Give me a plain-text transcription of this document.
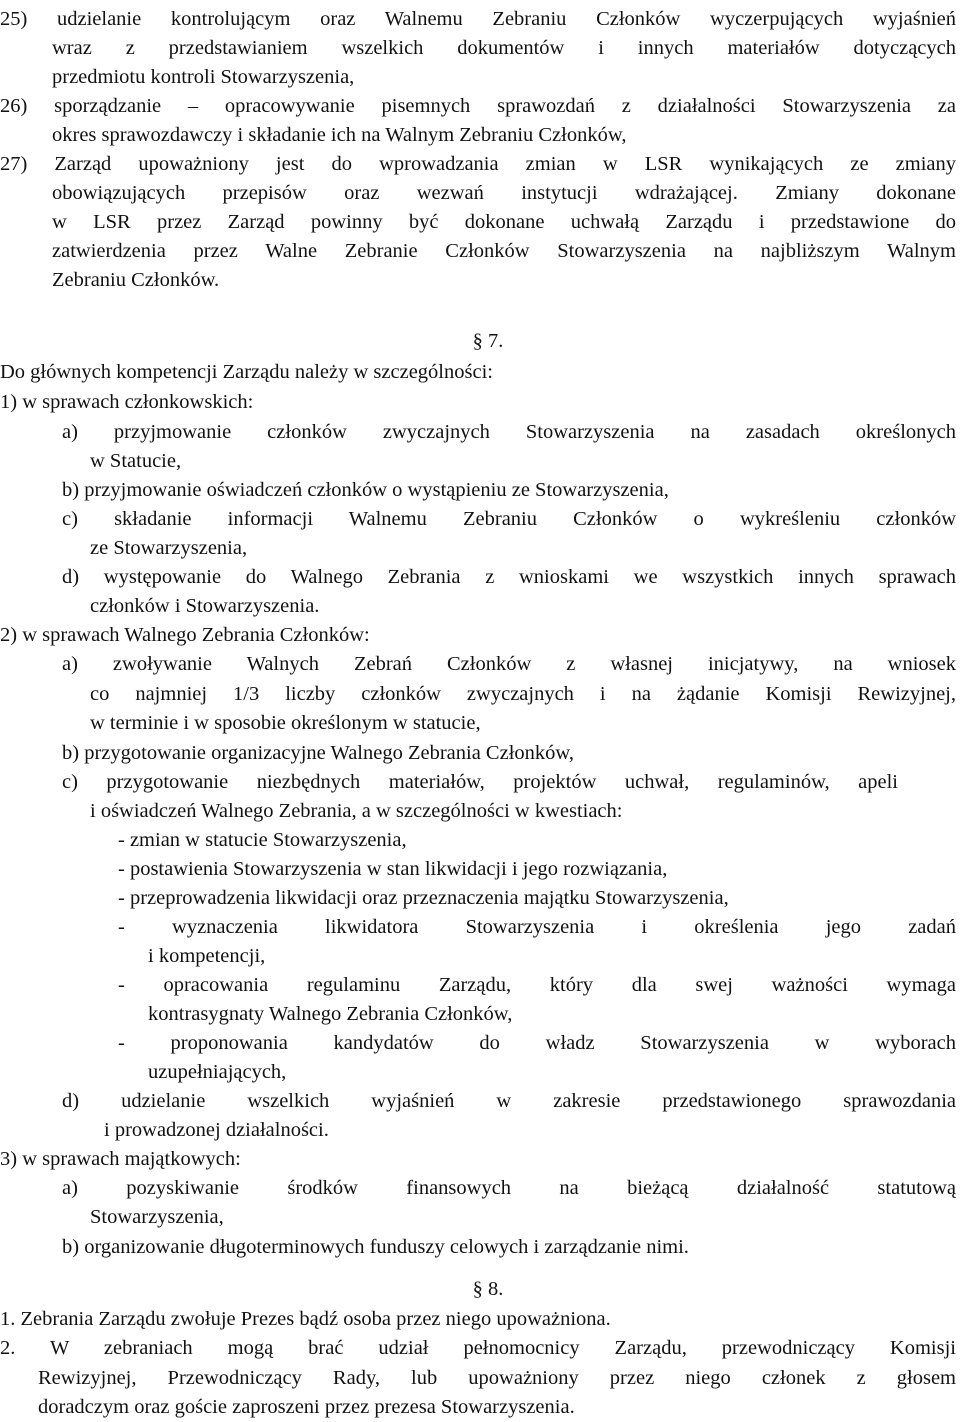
25) udzielanie kontrolującym oraz Walnemu Zebraniu Członków wyczerpujących wyjaśnień
wraz z przedstawianiem wszelkich dokumentów i innych materiałów dotyczących
przedmiotu kontroli Stowarzyszenia,
26) sporządzanie – opracowywanie pisemnych sprawozdań z działalności Stowarzyszenia za
okres sprawozdawczy i składanie ich na Walnym Zebraniu Członków,
27) Zarząd upoważniony jest do wprowadzania zmian w LSR wynikających ze zmiany
obowiązujących przepisów oraz wezwań instytucji wdrażającej. Zmiany dokonane
w LSR przez Zarząd powinny być dokonane uchwałą Zarządu i przedstawione do
zatwierdzenia przez Walne Zebranie Członków Stowarzyszenia na najbliższym Walnym
Zebraniu Członków.
§ 7.
Do głównych kompetencji Zarządu należy w szczególności:
1) w sprawach członkowskich:
a) przyjmowanie członków zwyczajnych Stowarzyszenia na zasadach określonych
w Statucie,
b) przyjmowanie oświadczeń członków o wystąpieniu ze Stowarzyszenia,
c) składanie informacji Walnemu Zebraniu Członków o wykreśleniu członków
ze Stowarzyszenia,
d) występowanie do Walnego Zebrania z wnioskami we wszystkich innych sprawach
członków i Stowarzyszenia.
2) w sprawach Walnego Zebrania Członków:
a) zwoływanie Walnych Zebrań Członków z własnej inicjatywy, na wniosek
co najmniej 1/3 liczby członków zwyczajnych i na żądanie Komisji Rewizyjnej,
w terminie i w sposobie określonym w statucie,
b) przygotowanie organizacyjne Walnego Zebrania Członków,
c) przygotowanie niezbędnych materiałów, projektów uchwał, regulaminów, apeli
i oświadczeń Walnego Zebrania, a w szczególności w kwestiach:
- zmian w statucie Stowarzyszenia,
- postawienia Stowarzyszenia w stan likwidacji i jego rozwiązania,
- przeprowadzenia likwidacji oraz przeznaczenia majątku Stowarzyszenia,
- wyznaczenia likwidatora Stowarzyszenia i określenia jego zadań
i kompetencji,
- opracowania regulaminu Zarządu, który dla swej ważności wymaga
kontrasygnaty Walnego Zebrania Członków,
- proponowania kandydatów do władz Stowarzyszenia w wyborach
uzupełniających,
d) udzielanie wszelkich wyjaśnień w zakresie przedstawionego sprawozdania
i prowadzonej działalności.
3) w sprawach majątkowych:
a) pozyskiwanie środków finansowych na bieżącą działalność statutową
Stowarzyszenia,
b) organizowanie długoterminowych funduszy celowych i zarządzanie nimi.
§ 8.
1. Zebrania Zarządu zwołuje Prezes bądź osoba przez niego upoważniona.
2. W zebraniach mogą brać udział pełnomocnicy Zarządu, przewodniczący Komisji
Rewizyjnej, Przewodniczący Rady, lub upoważniony przez niego członek z głosem
doradczym oraz goście zaproszeni przez prezesa Stowarzyszenia.
